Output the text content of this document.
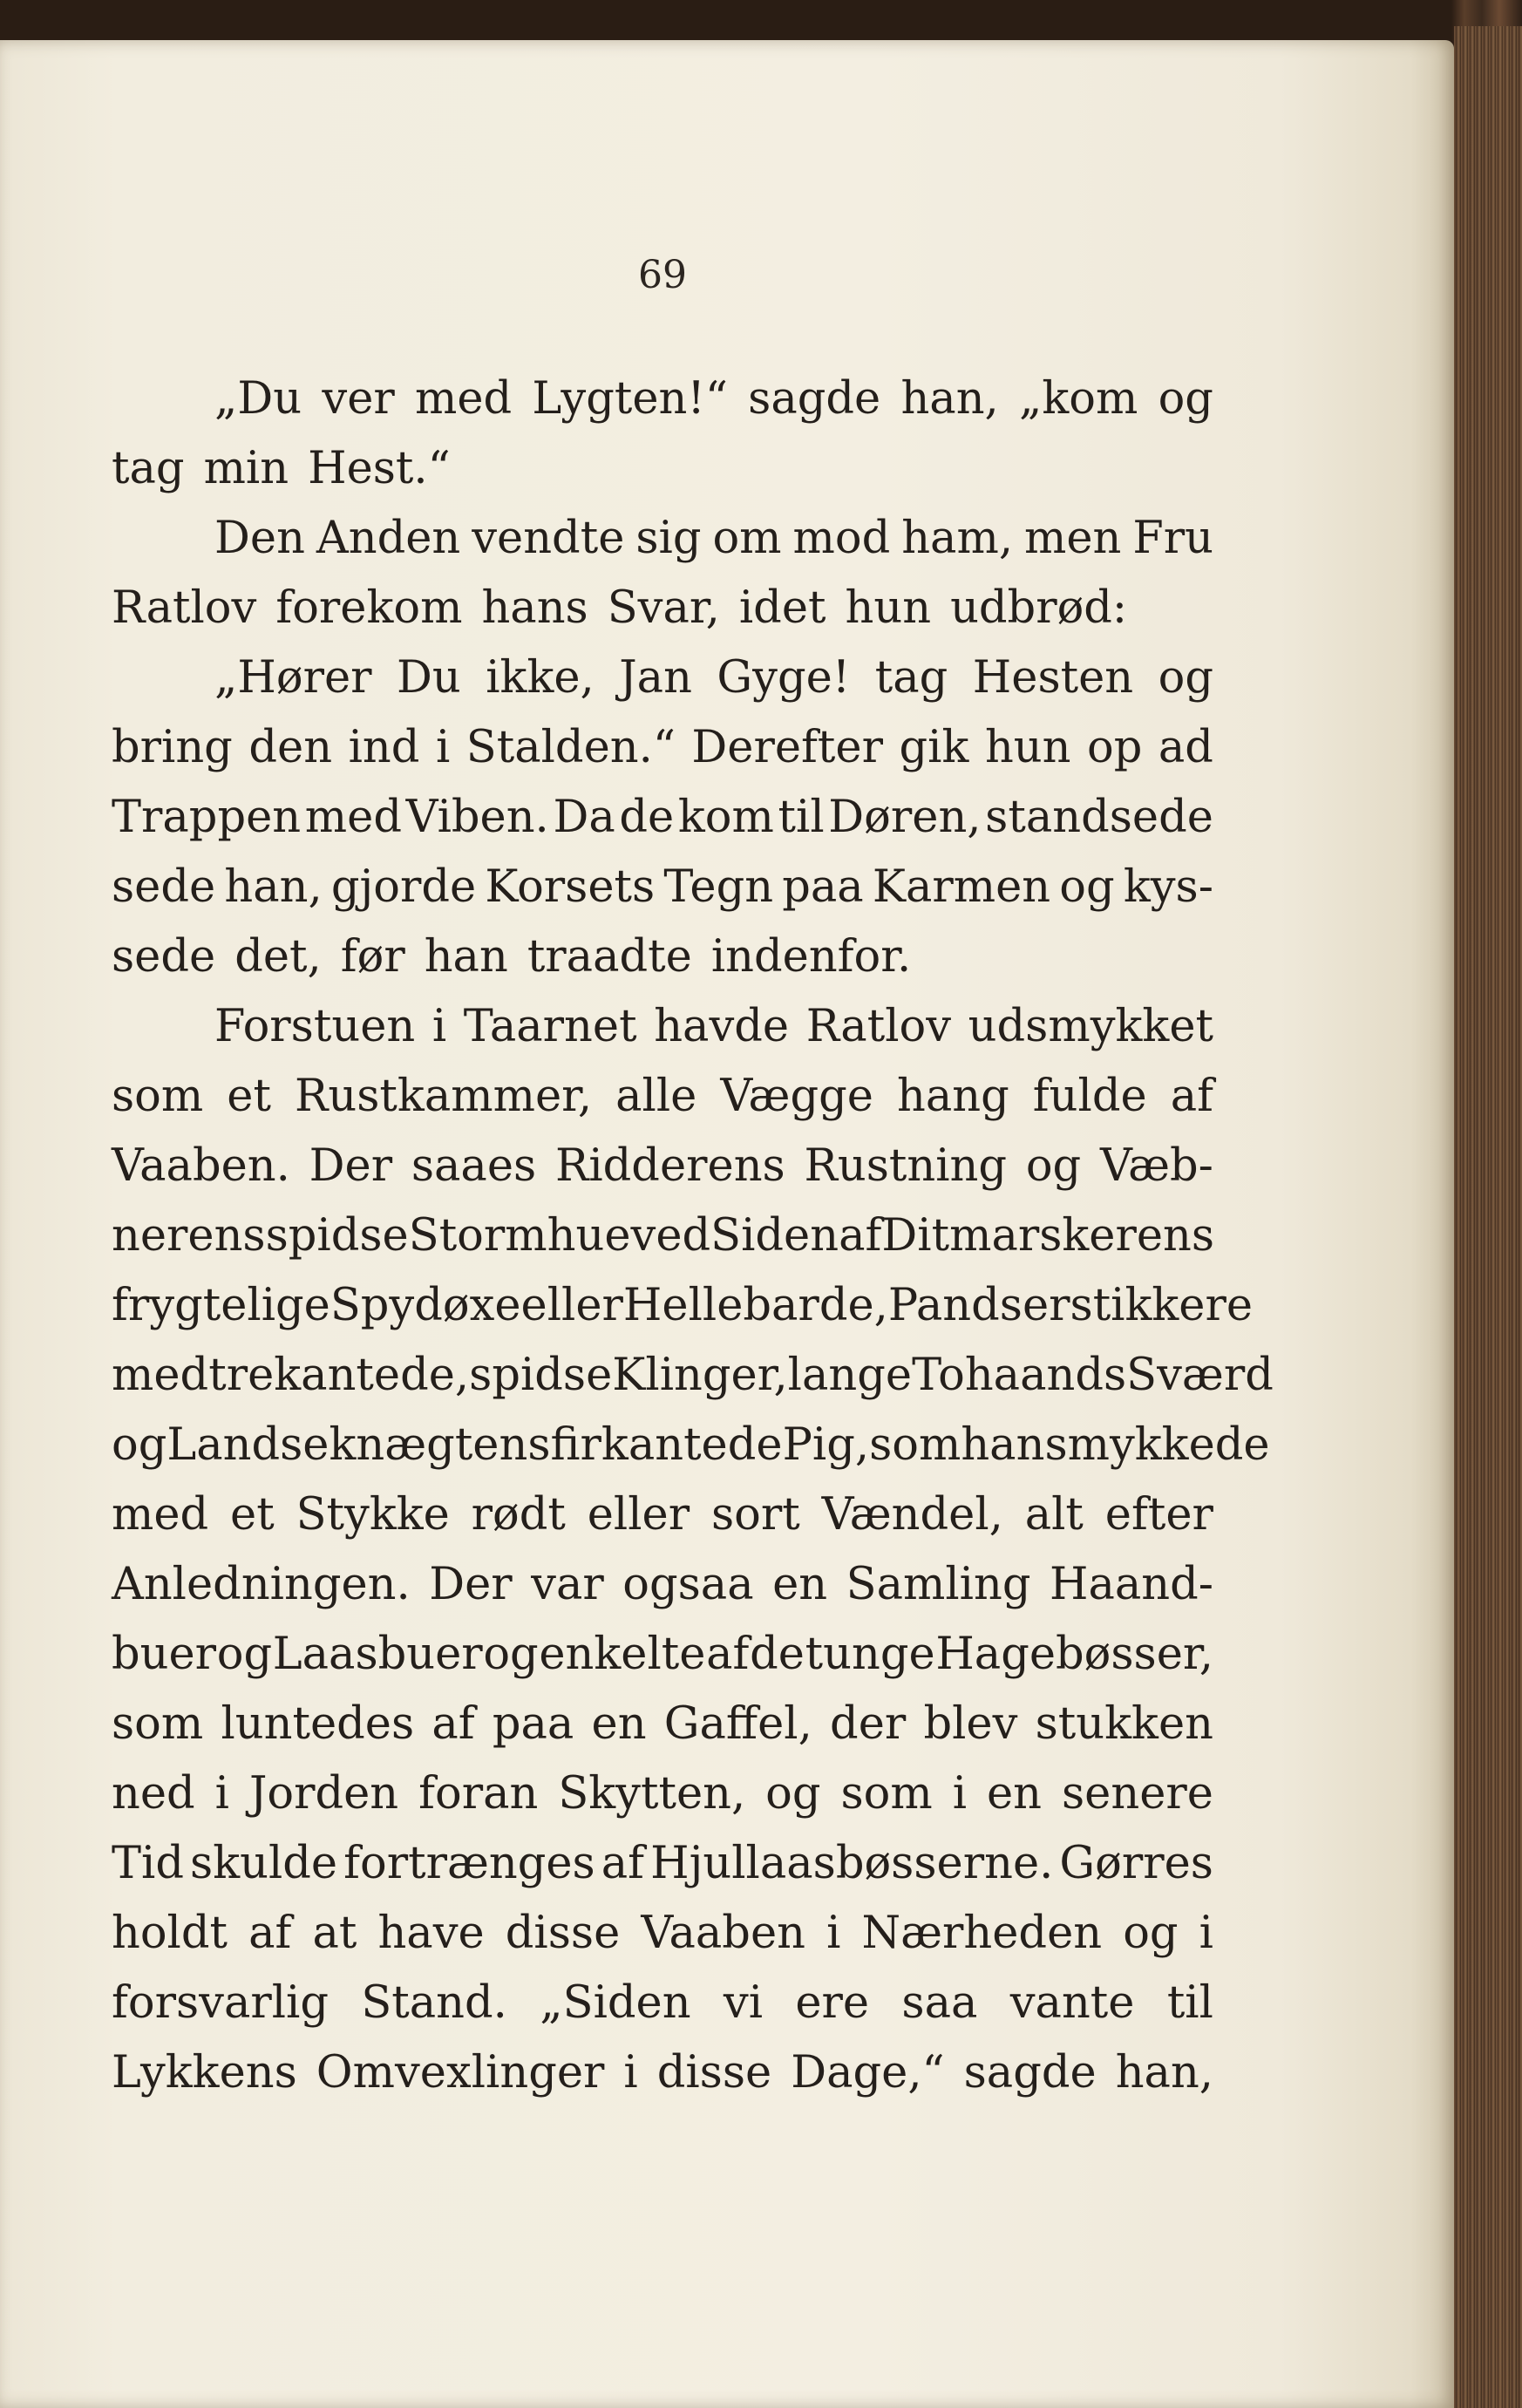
69
„Du ver med Lygten!“ sagde han, „kom og
tag min Hest.“
Den Anden vendte sig om mod ham, men Fru
Ratlov forekom hans Svar, idet hun udbrød:
„Hører Du ikke, Jan Gyge! tag Hesten og
bring den ind i Stalden.“ Derefter gik hun op ad
Trappen med Viben. Da de kom til Døren, standsede
sede han, gjorde Korsets Tegn paa Karmen og kys-
sede det, før han traadte indenfor.
Forstuen i Taarnet havde Ratlov udsmykket
som et Rustkammer, alle Vægge hang fulde af
Vaaben. Der saaes Ridderens Rustning og Væb-
nerens spidse Stormhue ved Siden af Ditmarskerens
frygtelige Spydøxe eller Hellebarde, Pandserstikkere
med trekantede, spidse Klinger, lange Tohaands Sværd
og Landseknægtens firkantede Pig, som han smykkede
med et Stykke rødt eller sort Vændel, alt efter
Anledningen. Der var ogsaa en Samling Haand-
buer og Laasbuer og enkelte af de tunge Hagebøsser,
som luntedes af paa en Gaffel, der blev stukken
ned i Jorden foran Skytten, og som i en senere
Tid skulde fortrænges af Hjullaasbøsserne. Gørres
holdt af at have disse Vaaben i Nærheden og i
forsvarlig Stand. „Siden vi ere saa vante til
Lykkens Omvexlinger i disse Dage,“ sagde han,
